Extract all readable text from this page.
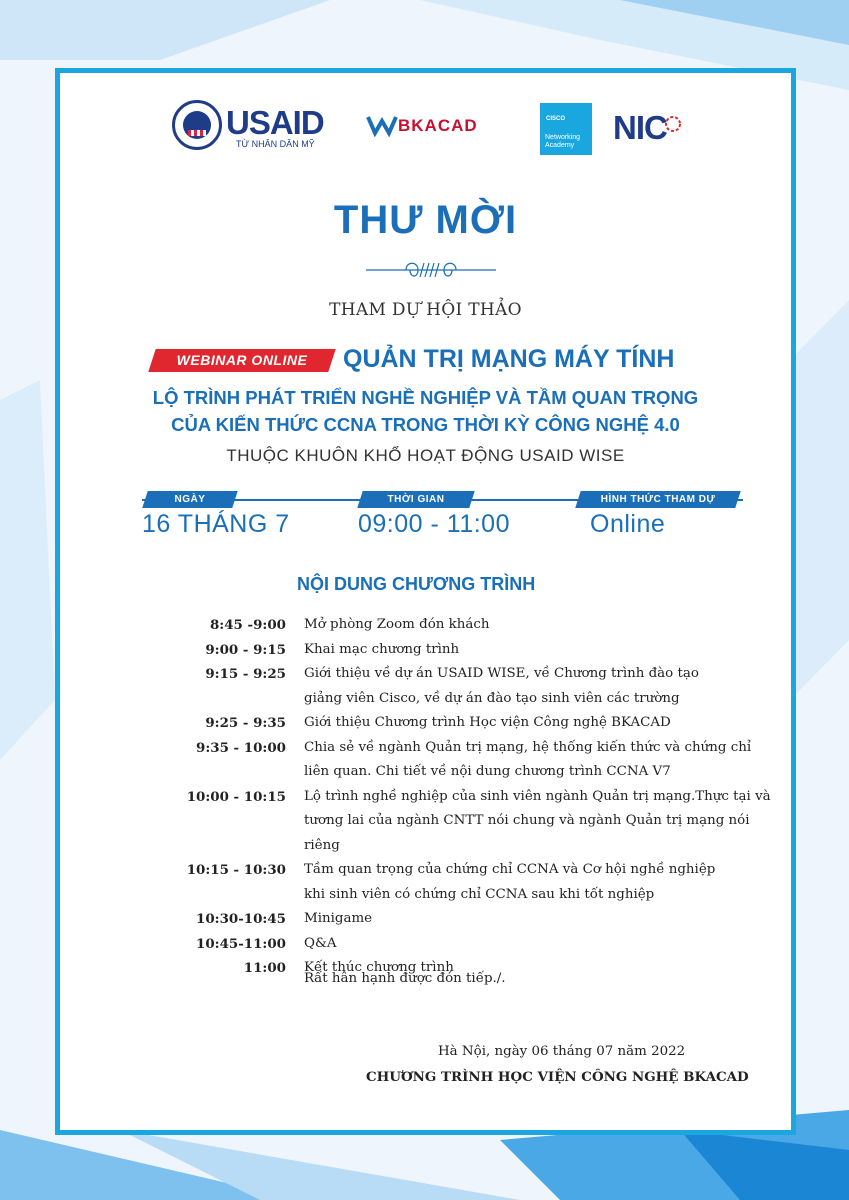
USAID
TỪ NHÂN DÂN MỸ
BKACAD	CISCO
Networking Academy	NIC
THƯ MỜI
THAM DỰ HỘI THẢO
WEBINAR ONLINE	QUẢN TRỊ MẠNG MÁY TÍNH
LỘ TRÌNH PHÁT TRIỂN NGHỀ NGHIỆP VÀ TẦM QUAN TRỌNG
CỦA KIẾN THỨC CCNA TRONG THỜI KỲ CÔNG NGHỆ 4.0
THUỘC KHUÔN KHỔ HOẠT ĐỘNG USAID WISE
NGÀY
16 THÁNG 7
THỜI GIAN
09:00 - 11:00
HÌNH THỨC THAM DỰ
Online
NỘI DUNG CHƯƠNG TRÌNH
8:45 -9:00 Mở phòng Zoom đón khách
9:00 - 9:15 Khai mạc chương trình
9:15 - 9:25 Giới thiệu về dự án USAID WISE, về Chương trình đào tạo
giảng viên Cisco, về dự án đào tạo sinh viên các trường
9:25 - 9:35 Giới thiệu Chương trình Học viện Công nghệ BKACAD
9:35 - 10:00 Chia sẻ về ngành Quản trị mạng, hệ thống kiến thức và chứng chỉ
liên quan. Chi tiết về nội dung chương trình CCNA V7
10:00 - 10:15 Lộ trình nghề nghiệp của sinh viên ngành Quản trị mạng.Thực tại và
tương lai của ngành CNTT nói chung và ngành Quản trị mạng nói riêng
10:15 - 10:30 Tầm quan trọng của chứng chỉ CCNA và Cơ hội nghề nghiệp
khi sinh viên có chứng chỉ CCNA sau khi tốt nghiệp
10:30-10:45 Minigame
10:45-11:00 Q&A
11:00 Kết thúc chương trình
Rất hân hạnh được đón tiếp./.
Hà Nội, ngày 06 tháng 07 năm 2022
CHƯƠNG TRÌNH HỌC VIỆN CÔNG NGHỆ BKACAD
